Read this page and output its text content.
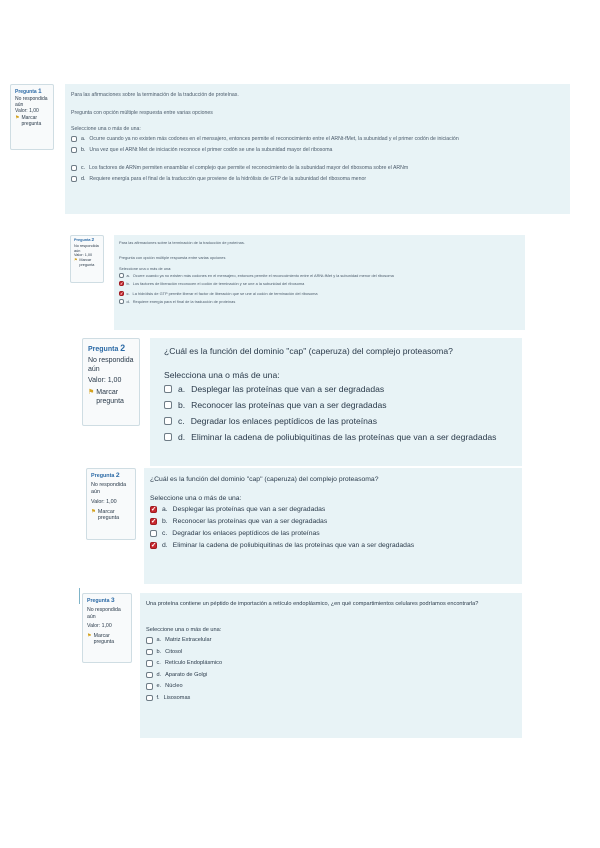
Pregunta 1
No respondida aún
Valor: 1,00
⚑ Marcar pregunta
Para las afirmaciones sobre la terminación de la traducción de proteínas.
Pregunta con opción múltiple respuesta entre varias opciones
Seleccione una o más de una:
a. Ocurre cuando ya no existen más codones en el mensajero, entonces permite el reconocimiento entre el ARNt-fMet, la subunidad y el primer codón de iniciación
b. Una vez que el ARNt Met de iniciación reconoce el primer codón se une la subunidad mayor del ribosoma
c. Los factores de ARNm permiten ensamblar el complejo que permite el reconocimiento de la subunidad mayor del ribosoma sobre el ARNm
d. Requiere energía para el final de la traducción que proviene de la hidrólisis de GTP de la subunidad del ribosoma menor
Pregunta 2
No respondida aún
Valor: 1,00
⚑ Marcar pregunta
Para las afirmaciones sobre la terminación de la traducción de proteínas.
Pregunta con opción múltiple respuesta entre varias opciones
Seleccione una o más de una:
a. Ocurre cuando ya no existen más codones en el mensajero, entonces permite el reconocimiento entre el ARNt-fMet y la subunidad menor del ribosoma
✓ b. Los factores de liberación reconocen el codón de terminación y se une a la subunidad del ribosoma
✓ c. La hidrólisis de GTP permite liberar el factor de liberación que se une al codón de terminación del ribosoma
d. Requiere energía para el final de la traducción de proteínas
Pregunta 2
No respondida aún
Valor: 1,00
⚑ Marcar pregunta
¿Cuál es la función del dominio "cap" (caperuza) del complejo proteasoma?
Selecciona una o más de una:
a. Desplegar las proteínas que van a ser degradadas
b. Reconocer las proteínas que van a ser degradadas
c. Degradar los enlaces peptídicos de las proteínas
d. Eliminar la cadena de poliubiquitinas de las proteínas que van a ser degradadas
Pregunta 2
No respondida aún
Valor: 1,00
⚑ Marcar pregunta
¿Cuál es la función del dominio "cap" (caperuza) del complejo proteasoma?
Seleccione una o más de una:
✓ a. Desplegar las proteínas que van a ser degradadas
✓ b. Reconocer las proteínas que van a ser degradadas
c. Degradar los enlaces peptídicos de las proteínas
✓ d. Eliminar la cadena de poliubiquitinas de las proteínas que van a ser degradadas
Pregunta 3
No respondida aún
Valor: 1,00
⚑ Marcar pregunta
Una proteína contiene un péptido de importación a retículo endoplásmico, ¿en qué compartimientos celulares podríamos encontrarla?
Seleccione una o más de una:
a. Matriz Extracelular
b. Citosol
c. Retículo Endoplásmico
d. Aparato de Golgi
e. Núcleo
f. Lisosomas
